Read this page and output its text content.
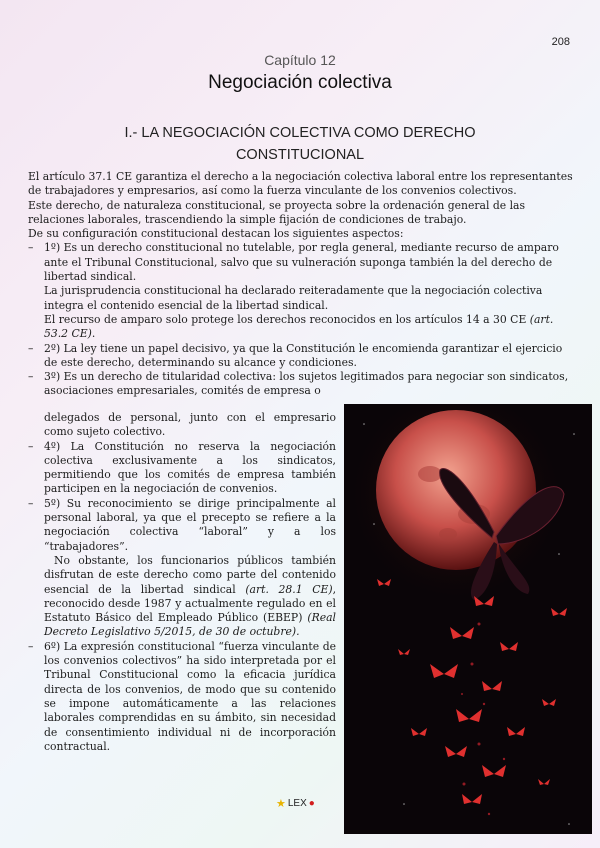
208
Capítulo 12
Negociación colectiva
I.- LA NEGOCIACIÓN COLECTIVA COMO DERECHO CONSTITUCIONAL

El artículo 37.1 CE garantiza el derecho a la negociación colectiva laboral entre los representantes de trabajadores y empresarios, así como la fuerza vinculante de los convenios colectivos.

Este derecho, de naturaleza constitucional, se proyecta sobre la ordenación general de las relaciones laborales, trascendiendo la simple fijación de condiciones de trabajo.

De su configuración constitucional destacan los siguientes aspectos:

– 1º) Es un derecho constitucional no tutelable, por regla general, mediante recurso de amparo ante el Tribunal Constitucional, salvo que su vulneración suponga también la del derecho de libertad sindical.

La jurisprudencia constitucional ha declarado reiteradamente que la negociación colectiva integra el contenido esencial de la libertad sindical.

El recurso de amparo solo protege los derechos reconocidos en los artículos 14 a 30 CE (art. 53.2 CE).

– 2º) La ley tiene un papel decisivo, ya que la Constitución le encomienda garantizar el ejercicio de este derecho, determinando su alcance y condiciones.
– 3º) Es un derecho de titularidad colectiva: los sujetos legitimados para negociar son sindicatos,

asociaciones empresariales, comités de empresa o

delegados de personal, junto con el empresario como sujeto colectivo.

– 4º) La Constitución no reserva la negociación colectiva exclusivamente a los sindicatos, permitiendo que los comités de empresa también participen en la negociación de convenios.
– 5º) Su reconocimiento se dirige principalmente al personal laboral, ya que el precepto se refiere a la negociación colectiva “laboral” y a los “trabajadores”.

No obstante, los funcionarios públicos también disfrutan de este derecho como parte del contenido esencial de la libertad sindical (art. 28.1 CE), reconocido desde 1987 y actualmente regulado en el Estatuto Básico del Empleado Público (EBEP) (Real Decreto Legislativo 5/2015, de 30 de octubre).

– 6º) La expresión constitucional “fuerza vinculante de los convenios colectivos” ha sido interpretada por el Tribunal Constitucional como la eficacia jurídica directa de los convenios, de modo que su contenido se impone automáticamente a las relaciones laborales comprendidas en su ámbito, sin necesidad de consentimiento individual ni de incorporación contractual.
★ LEX ●
